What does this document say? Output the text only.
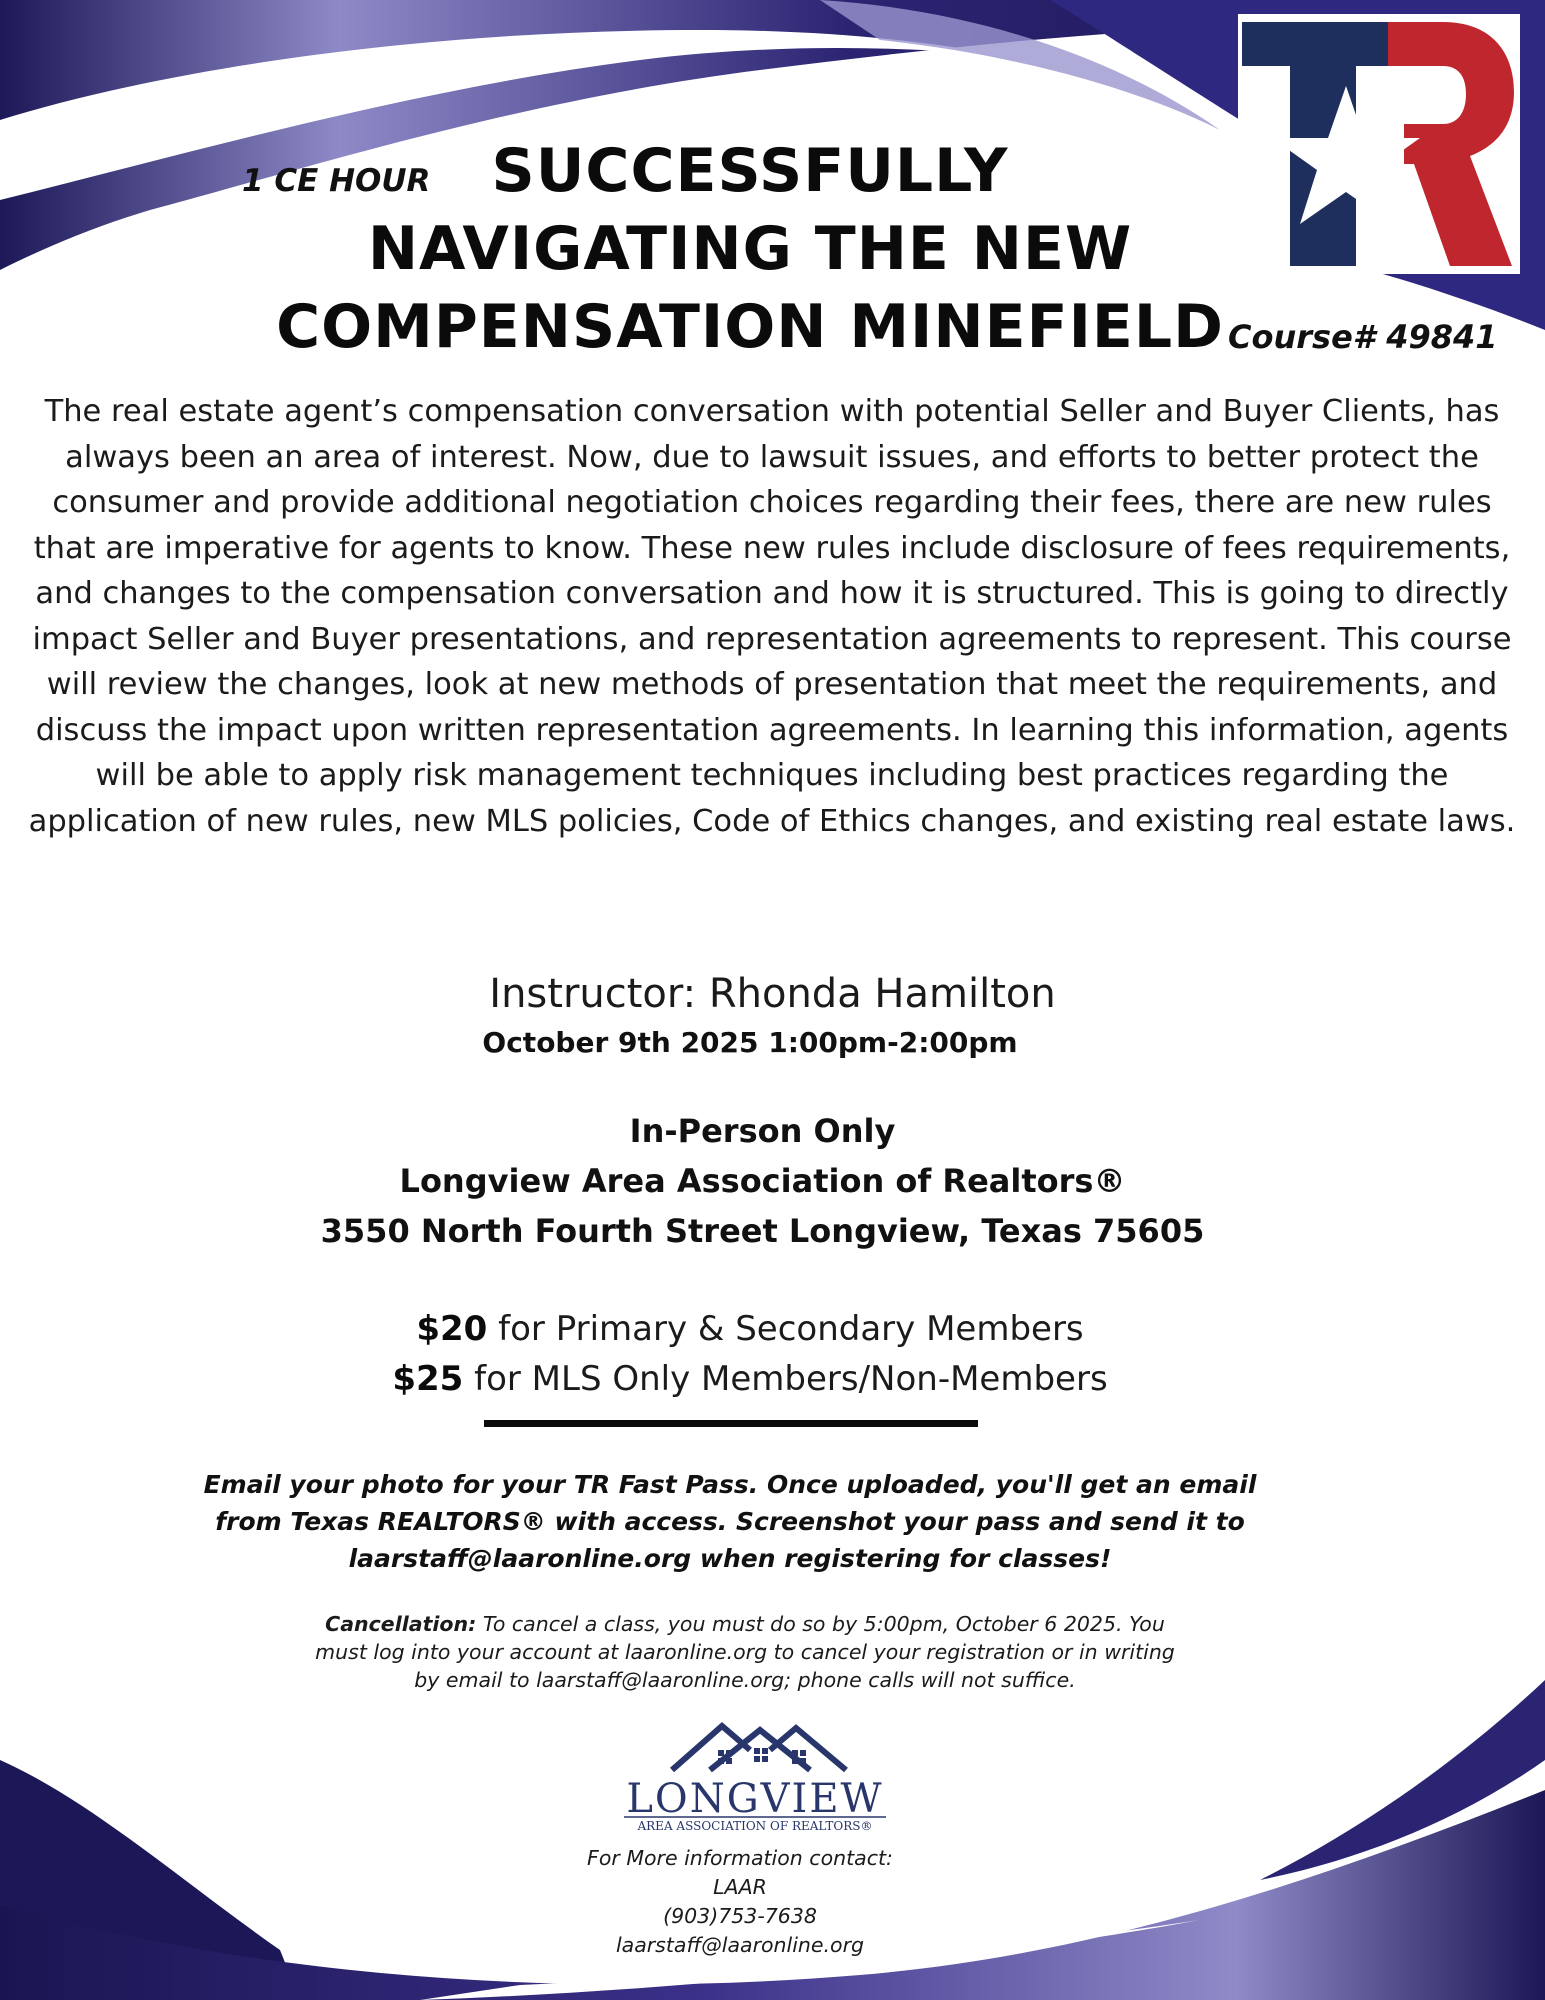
1 CE HOUR	SUCCESSFULLY
NAVIGATING THE NEW
COMPENSATION MINEFIELD Course# 49841

The real estate agent’s compensation conversation with potential Seller and Buyer Clients, has always been an area of interest. Now, due to lawsuit issues, and efforts to better protect the consumer and provide additional negotiation choices regarding their fees, there are new rules that are imperative for agents to know. These new rules include disclosure of fees requirements, and changes to the compensation conversation and how it is structured. This is going to directly impact Seller and Buyer presentations, and representation agreements to represent. This course will review the changes, look at new methods of presentation that meet the requirements, and discuss the impact upon written representation agreements. In learning this information, agents will be able to apply risk management techniques including best practices regarding the application of new rules, new MLS policies, Code of Ethics changes, and existing real estate laws.

Instructor: Rhonda Hamilton
October 9th 2025 1:00pm-2:00pm
In-Person Only
Longview Area Association of Realtors®
3550 North Fourth Street Longview, Texas 75605
$20 for Primary & Secondary Members
$25 for MLS Only Members/Non-Members
Email your photo for your TR Fast Pass. Once uploaded, you'll get an email
from Texas REALTORS® with access. Screenshot your pass and send it to
laarstaff@laaronline.org when registering for classes!
Cancellation: To cancel a class, you must do so by 5:00pm, October 6 2025. You
must log into your account at laaronline.org to cancel your registration or in writing
by email to laarstaff@laaronline.org; phone calls will not suffice.
LONGVIEW
AREA ASSOCIATION OF REALTORS®
For More information contact:
LAAR
(903)753-7638
laarstaff@laaronline.org
